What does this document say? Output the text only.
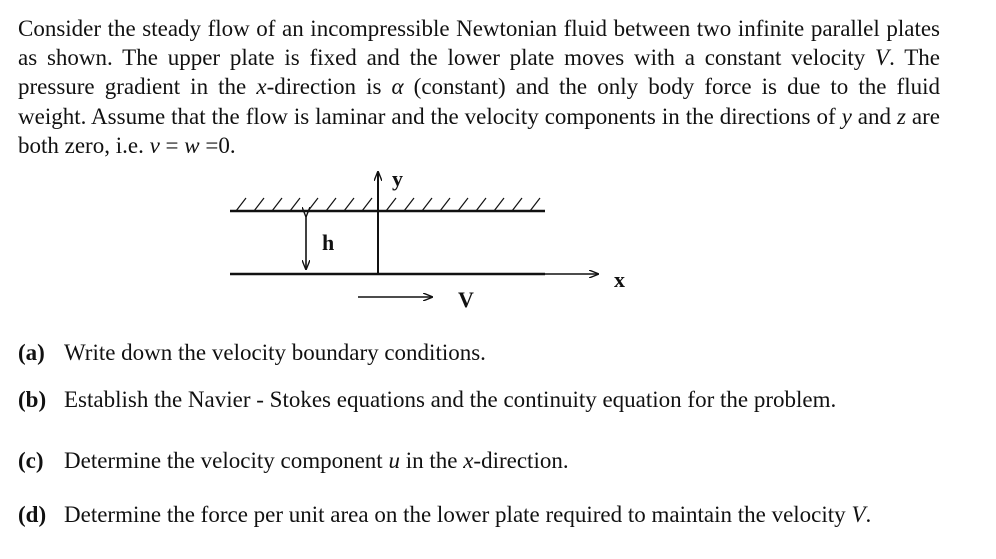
Consider the steady flow of an incompressible Newtonian fluid between two infinite parallel plates as shown. The upper plate is fixed and the lower plate moves with a constant velocity V. The pressure gradient in the x-direction is α (constant) and the only body force is due to the fluid weight. Assume that the flow is laminar and the velocity components in the directions of y and z are both zero, i.e. v = w =0.

y
x
h
V
(a) Write down the velocity boundary conditions.
(b) Establish the Navier - Stokes equations and the continuity equation for the problem.
(c) Determine the velocity component u in the x-direction.
(d) Determine the force per unit area on the lower plate required to maintain the velocity V.
